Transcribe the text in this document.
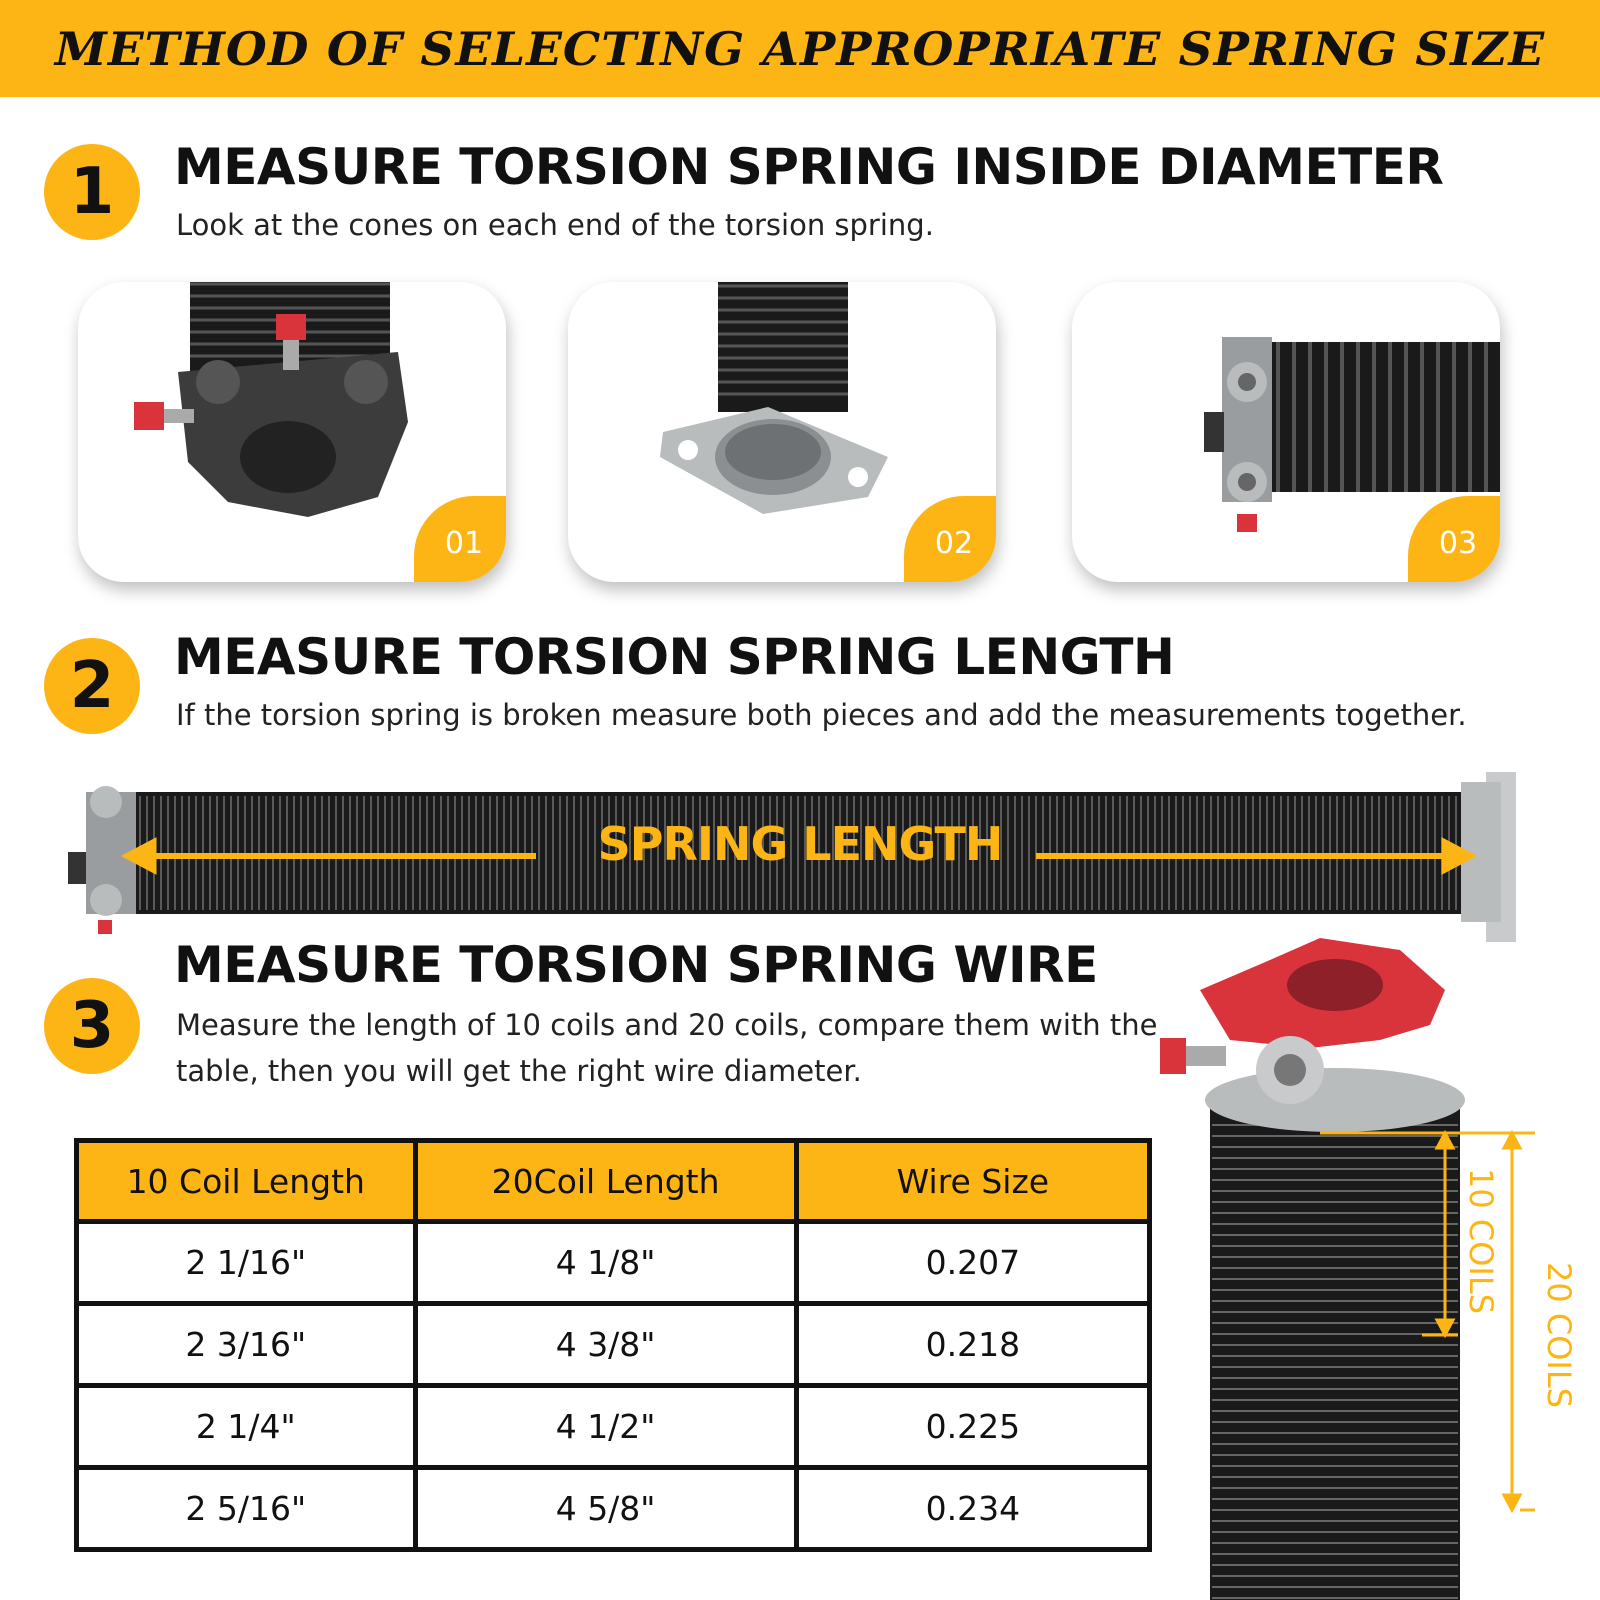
METHOD OF SELECTING APPROPRIATE SPRING SIZE
1	MEASURE TORSION SPRING INSIDE DIAMETER
Look at the cones on each end of the torsion spring.
01	02	03
2	MEASURE TORSION SPRING LENGTH
If the torsion spring is broken measure both pieces and add the measurements together.
SPRING LENGTH
3
MEASURE TORSION SPRING WIRE
Measure the length of 10 coils and 20 coils, compare them with the
table, then you will get the right wire diameter.
10 Coil Length	20Coil Length	Wire Size
2 1/16"	4 1/8"	0.207
2 3/16"	4 3/8"	0.218
2 1/4"	4 1/2"	0.225
2 5/16"	4 5/8"	0.234
10 COILS
20 COILS
